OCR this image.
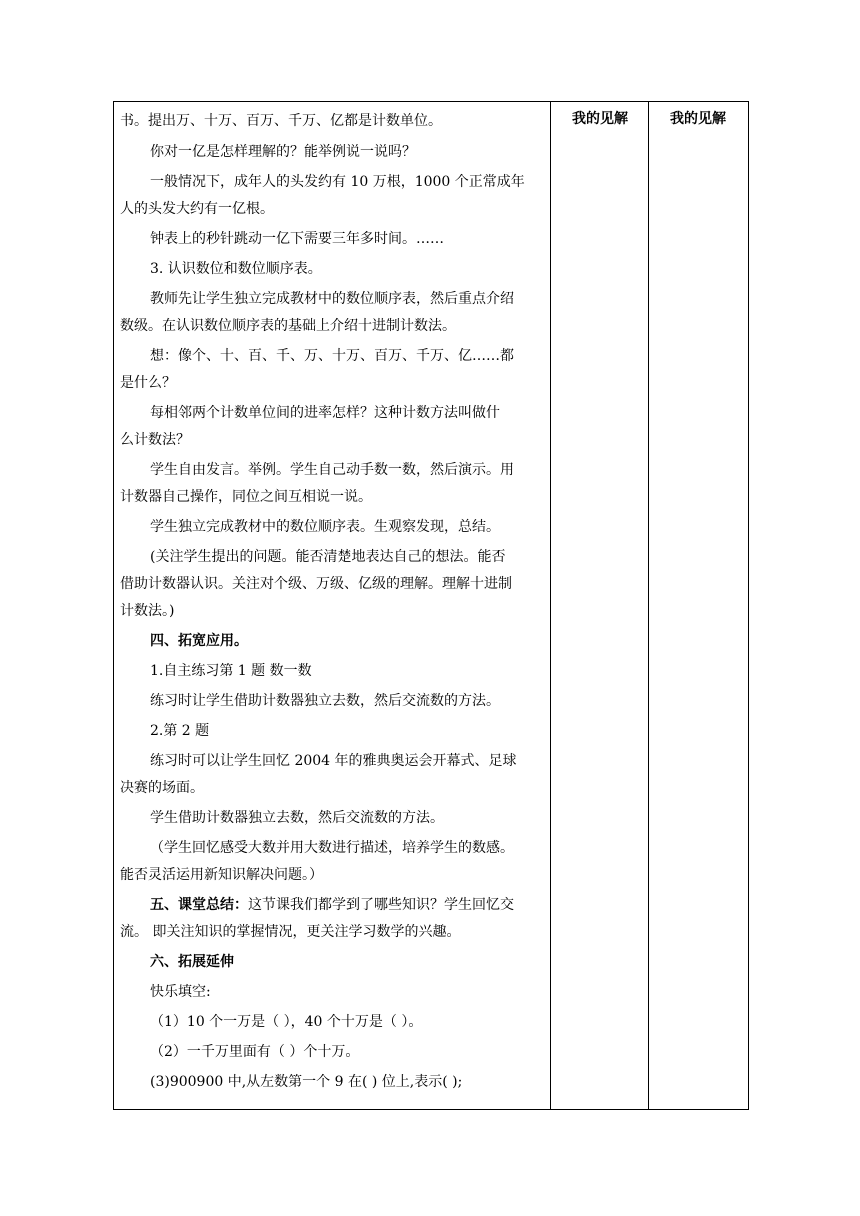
我的见解	我的见解
书。提出万、十万、百万、千万、亿都是计数单位。
你对一亿是怎样理解的？能举例说一说吗？
一般情况下，成年人的头发约有 10 万根，1000 个正常成年
人的头发大约有一亿根。
钟表上的秒针跳动一亿下需要三年多时间。……
3. 认识数位和数位顺序表。
教师先让学生独立完成教材中的数位顺序表，然后重点介绍
数级。在认识数位顺序表的基础上介绍十进制计数法。
想：像个、十、百、千、万、十万、百万、千万、亿……都
是什么？
每相邻两个计数单位间的进率怎样？这种计数方法叫做什
么计数法？
学生自由发言。举例。学生自己动手数一数，然后演示。用
计数器自己操作，同位之间互相说一说。
学生独立完成教材中的数位顺序表。生观察发现，总结。
(关注学生提出的问题。能否清楚地表达自己的想法。能否
借助计数器认识。关注对个级、万级、亿级的理解。理解十进制
计数法。)
四、拓宽应用。
1.自主练习第 1 题 数一数
练习时让学生借助计数器独立去数，然后交流数的方法。
2.第 2 题
练习时可以让学生回忆 2004 年的雅典奥运会开幕式、足球
决赛的场面。
学生借助计数器独立去数，然后交流数的方法。
（学生回忆感受大数并用大数进行描述，培养学生的数感。
能否灵活运用新知识解决问题。）
五、课堂总结：这节课我们都学到了哪些知识？学生回忆交
流。 即关注知识的掌握情况，更关注学习数学的兴趣。
六、拓展延伸
快乐填空:
（1）10 个一万是（ ），40 个十万是（ ）。
（2）一千万里面有（ ）个十万。
(3)900900 中,从左数第一个 9 在( ) 位上,表示( );
